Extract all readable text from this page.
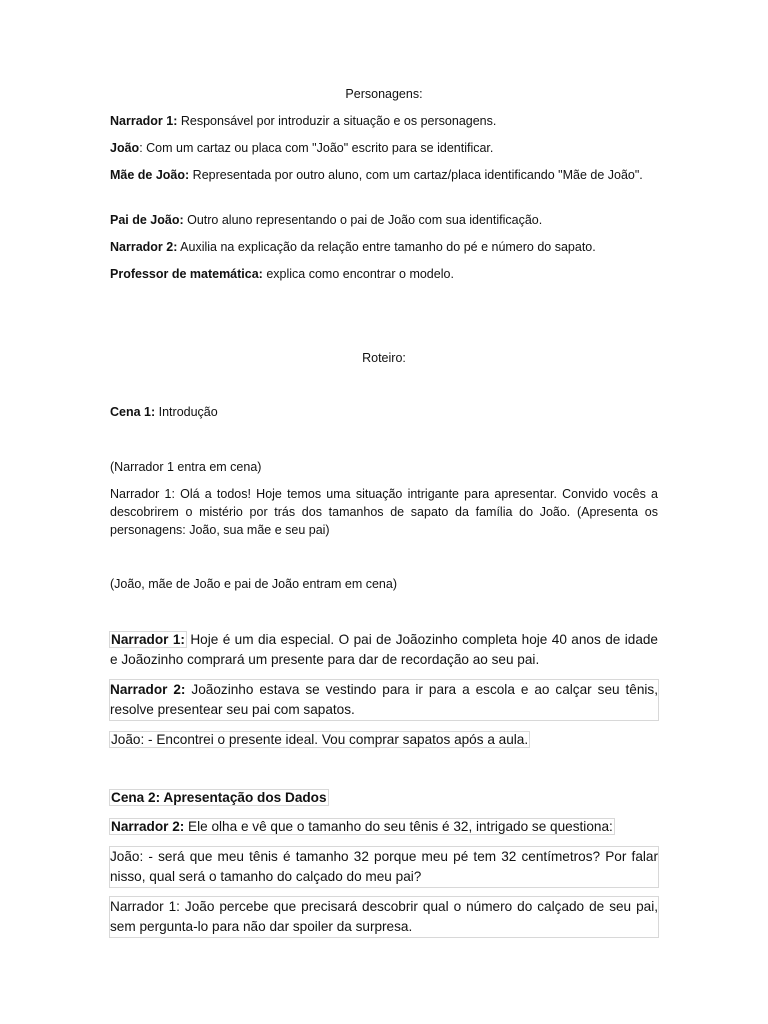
Personagens:

Narrador 1: Responsável por introduzir a situação e os personagens.

João: Com um cartaz ou placa com "João" escrito para se identificar.

Mãe de João: Representada por outro aluno, com um cartaz/placa identificando "Mãe de João".

Pai de João: Outro aluno representando o pai de João com sua identificação.

Narrador 2: Auxilia na explicação da relação entre tamanho do pé e número do sapato.

Professor de matemática: explica como encontrar o modelo.

Roteiro:

Cena 1: Introdução

(Narrador 1 entra em cena)

Narrador 1: Olá a todos! Hoje temos uma situação intrigante para apresentar. Convido vocês a descobrirem o mistério por trás dos tamanhos de sapato da família do João. (Apresenta os personagens: João, sua mãe e seu pai)

(João, mãe de João e pai de João entram em cena)

Narrador 1: Hoje é um dia especial. O pai de Joãozinho completa hoje 40 anos de idade e Joãozinho comprará um presente para dar de recordação ao seu pai.

Narrador 2: Joãozinho estava se vestindo para ir para a escola e ao calçar seu tênis, resolve presentear seu pai com sapatos.

João: - Encontrei o presente ideal. Vou comprar sapatos após a aula.

Cena 2: Apresentação dos Dados

Narrador 2: Ele olha e vê que o tamanho do seu tênis é 32, intrigado se questiona:

João: - será que meu tênis é tamanho 32 porque meu pé tem 32 centímetros? Por falar nisso, qual será o tamanho do calçado do meu pai?

Narrador 1: João percebe que precisará descobrir qual o número do calçado de seu pai, sem pergunta-lo para não dar spoiler da surpresa.
